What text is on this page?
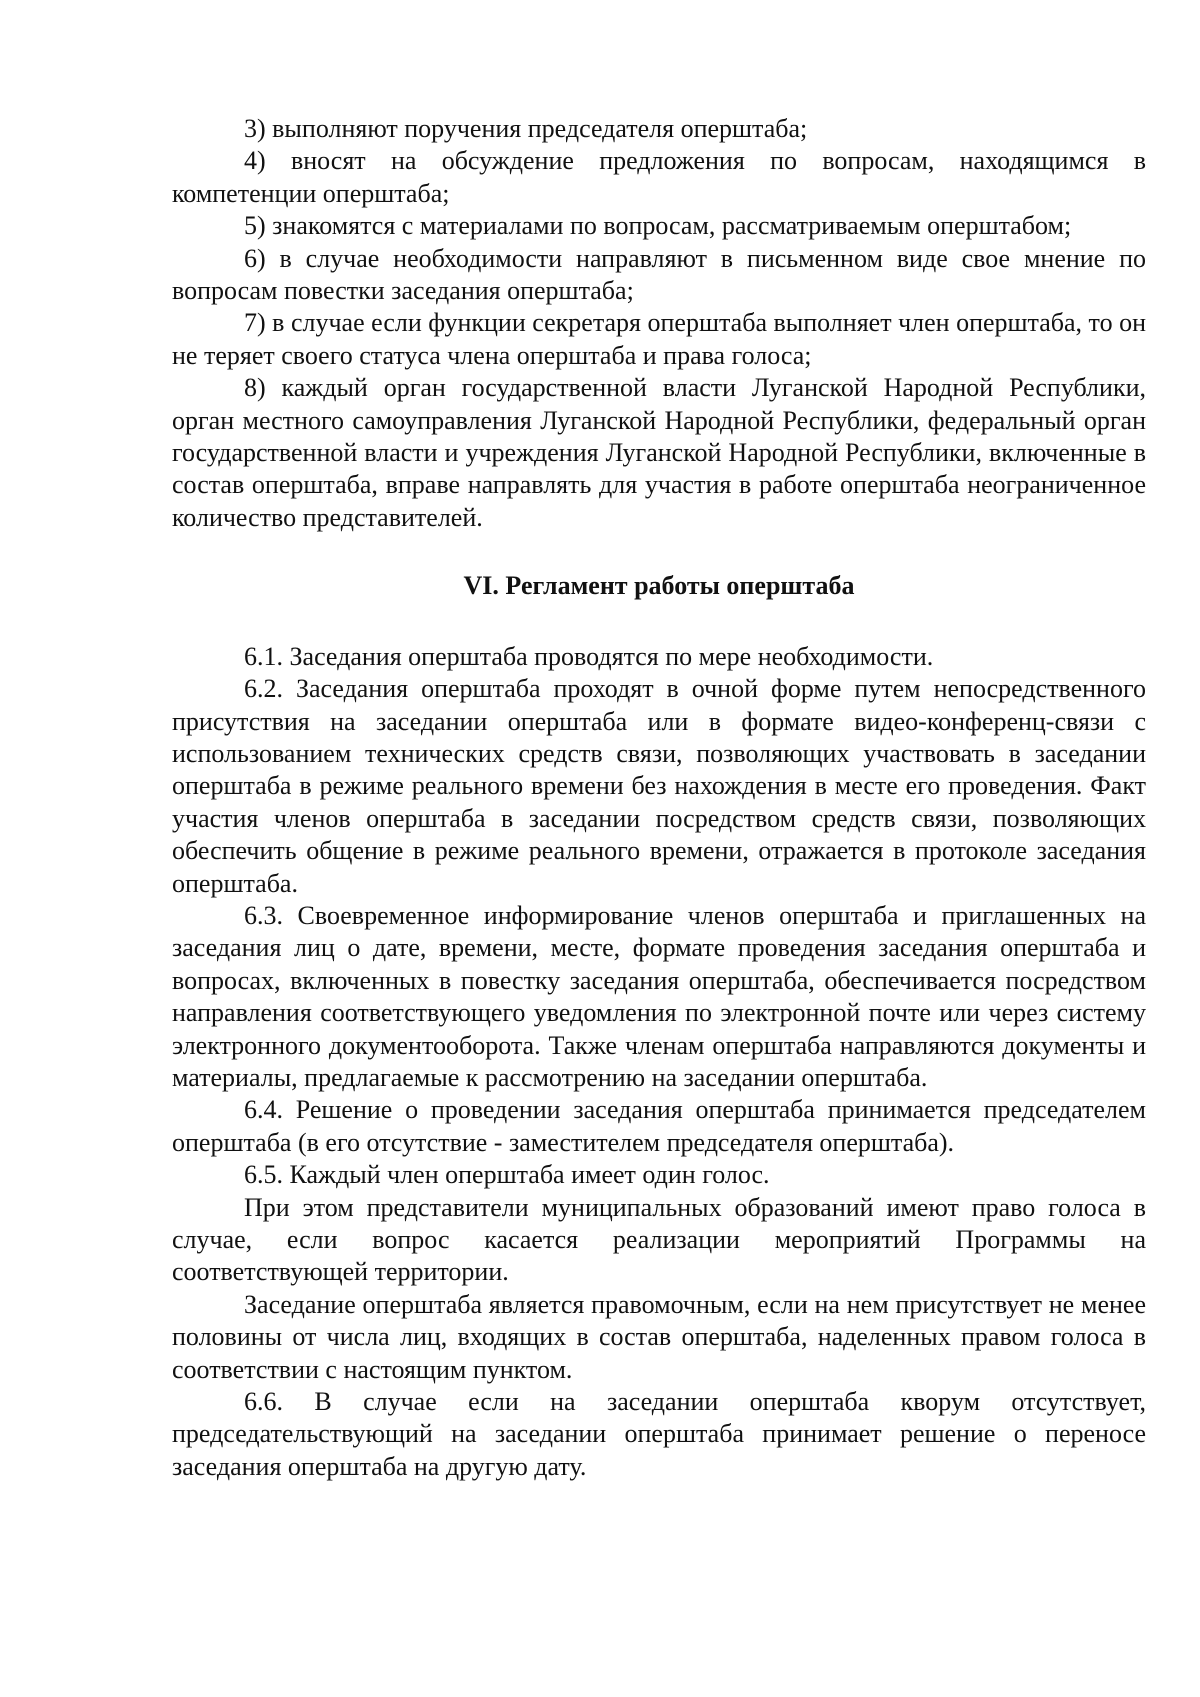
3) выполняют поручения председателя оперштаба;

4) вносят на обсуждение предложения по вопросам, находящимся в компетенции оперштаба;

5) знакомятся с материалами по вопросам, рассматриваемым оперштабом;

6) в случае необходимости направляют в письменном виде свое мнение по вопросам повестки заседания оперштаба;

7) в случае если функции секретаря оперштаба выполняет член оперштаба, то он не теряет своего статуса члена оперштаба и права голоса;

8) каждый орган государственной власти Луганской Народной Республики, орган местного самоуправления Луганской Народной Республики, федеральный орган государственной власти и учреждения Луганской Народной Республики, включенные в состав оперштаба, вправе направлять для участия в работе оперштаба неограниченное количество представителей.

VI. Регламент работы оперштаба

6.1. Заседания оперштаба проводятся по мере необходимости.

6.2. Заседания оперштаба проходят в очной форме путем непосредственного присутствия на заседании оперштаба или в формате видео-конференц-связи с использованием технических средств связи, позволяющих участвовать в заседании оперштаба в режиме реального времени без нахождения в месте его проведения. Факт участия членов оперштаба в заседании посредством средств связи, позволяющих обеспечить общение в режиме реального времени, отражается в протоколе заседания оперштаба.

6.3. Своевременное информирование членов оперштаба и приглашенных на заседания лиц о дате, времени, месте, формате проведения заседания оперштаба и вопросах, включенных в повестку заседания оперштаба, обеспечивается посредством направления соответствующего уведомления по электронной почте или через систему электронного документооборота. Также членам оперштаба направляются документы и материалы, предлагаемые к рассмотрению на заседании оперштаба.

6.4. Решение о проведении заседания оперштаба принимается председателем оперштаба (в его отсутствие - заместителем председателя оперштаба).

6.5. Каждый член оперштаба имеет один голос.

При этом представители муниципальных образований имеют право голоса в случае, если вопрос касается реализации мероприятий Программы на соответствующей территории.

Заседание оперштаба является правомочным, если на нем присутствует не менее половины от числа лиц, входящих в состав оперштаба, наделенных правом голоса в соответствии с настоящим пунктом.

6.6. В случае если на заседании оперштаба кворум отсутствует, председательствующий на заседании оперштаба принимает решение о переносе заседания оперштаба на другую дату.
